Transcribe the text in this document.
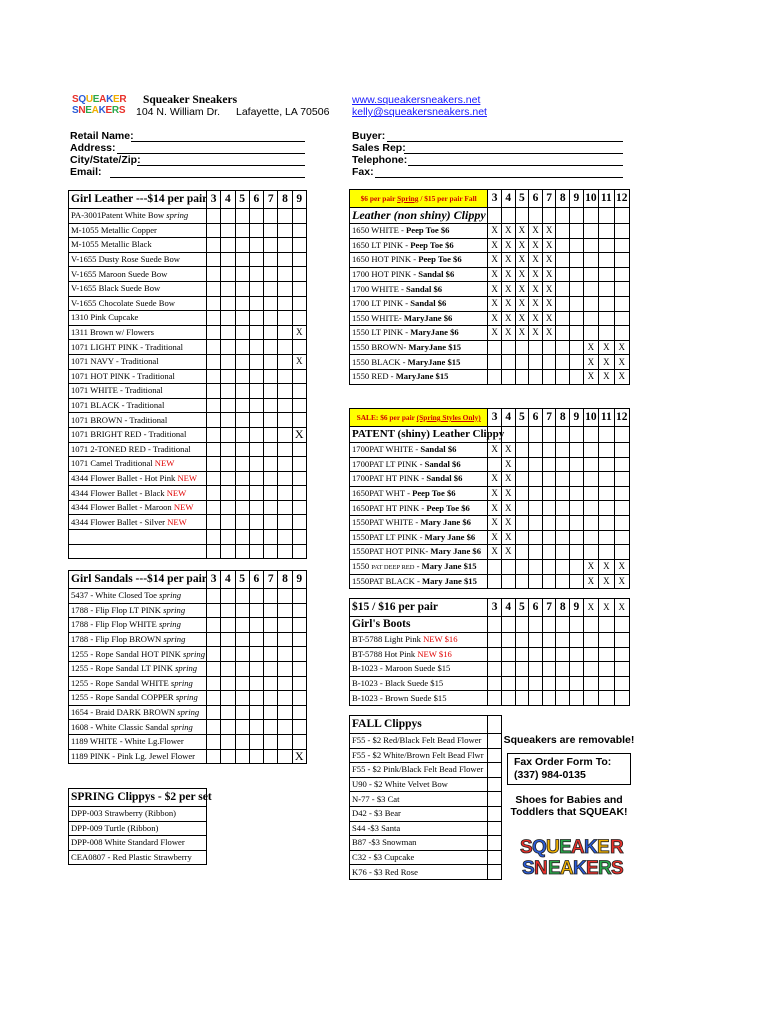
SQUEAKER
SNEAKERS
Squeaker Sneakers
104 N. William Dr. Lafayette, LA 70506
www.squeakersneakers.net
kelly@squeakersneakers.net
Retail Name:
Address:
City/State/Zip:
Email:
Buyer:
Sales Rep:
Telephone:
Fax:
Girl Leather ---$14 per pair	3	4	5	6	7	8	9
PA-3001Patent White Bow spring							
M-1055 Metallic Copper							
M-1055 Metallic Black							
V-1655 Dusty Rose Suede Bow							
V-1655 Maroon Suede Bow							
V-1655 Black Suede Bow							
V-1655 Chocolate Suede Bow							
1310 Pink Cupcake							
1311 Brown w/ Flowers							X
1071 LIGHT PINK - Traditional							
1071 NAVY - Traditional							X
1071 HOT PINK - Traditional							
1071 WHITE - Traditional							
1071 BLACK - Traditional							
1071 BROWN - Traditional							
1071 BRIGHT RED - Traditional							X
1071 2-TONED RED - Traditional							
1071 Camel Traditional NEW							
4344 Flower Ballet - Hot Pink NEW							
4344 Flower Ballet - Black NEW							
4344 Flower Ballet - Maroon NEW							
4344 Flower Ballet - Silver NEW							

Girl Sandals ---$14 per pair	3	4	5	6	7	8	9
5437 - White Closed Toe spring							
1788 - Flip Flop LT PINK spring							
1788 - Flip Flop WHITE spring							
1788 - Flip Flop BROWN spring							
1255 - Rope Sandal HOT PINK spring							
1255 - Rope Sandal LT PINK spring							
1255 - Rope Sandal WHITE spring							
1255 - Rope Sandal COPPER spring							
1654 - Braid DARK BROWN spring							
1608 - White Classic Sandal spring							
1189 WHITE - White Lg.Flower							
1189 PINK - Pink Lg. Jewel Flower							X
SPRING Clippys - $2 per set
DPP-003 Strawberry (Ribbon)
DPP-009 Turtle (Ribbon)
DPP-008 White Standard Flower
CEA0807 - Red Plastic Strawberry
$6 per pair Spring / $15 per pair Fall	3	4	5	6	7	8	9	10	11	12
Leather (non shiny) Clippy										
1650 WHITE - Peep Toe $6	X	X	X	X	X					
1650 LT PINK - Peep Toe $6	X	X	X	X	X					
1650 HOT PINK - Peep Toe $6	X	X	X	X	X					
1700 HOT PINK - Sandal $6	X	X	X	X	X					
1700 WHITE - Sandal $6	X	X	X	X	X					
1700 LT PINK - Sandal $6	X	X	X	X	X					
1550 WHITE- MaryJane $6	X	X	X	X	X					
1550 LT PINK - MaryJane $6	X	X	X	X	X					
1550 BROWN- MaryJane $15								X	X	X
1550 BLACK - MaryJane $15								X	X	X
1550 RED - MaryJane $15								X	X	X
SALE: $6 per pair (Spring Styles Only)	3	4	5	6	7	8	9	10	11	12
PATENT (shiny) Leather Clippy										
1700PAT WHITE - Sandal $6	X	X								
1700PAT LT PINK - Sandal $6		X								
1700PAT HT PINK - Sandal $6	X	X								
1650PAT WHT - Peep Toe $6	X	X								
1650PAT HT PINK - Peep Toe $6	X	X								
1550PAT WHITE - Mary Jane $6	X	X								
1550PAT LT PINK - Mary Jane $6	X	X								
1550PAT HOT PINK- Mary Jane $6	X	X								
1550 PAT DEEP RED - Mary Jane $15								X	X	X
1550PAT BLACK - Mary Jane $15								X	X	X
$15 / $16 per pair	3	4	5	6	7	8	9	X	X	X
Girl's Boots										
BT-5788 Light Pink NEW $16										
BT-5788 Hot Pink NEW $16										
B-1023 - Maroon Suede $15										
B-1023 - Black Suede $15										
B-1023 - Brown Suede $15										
FALL Clippys	
F55 - $2 Red/Black Felt Bead Flower	
F55 - $2 White/Brown Felt Bead Flwr	
F55 - $2 Pink/Black Felt Bead Flower	
U90 - $2 White Velvet Bow	
N-77 - $3 Cat	
D42 - $3 Bear	
S44 -$3 Santa	
B87 -$3 Snowman	
C32 - $3 Cupcake	
K76 - $3 Red Rose	
Squeakers are removable!
Fax Order Form To:
(337) 984-0135
Shoes for Babies and
Toddlers that SQUEAK!
S Q U E A K E R
S N E A K E R S
